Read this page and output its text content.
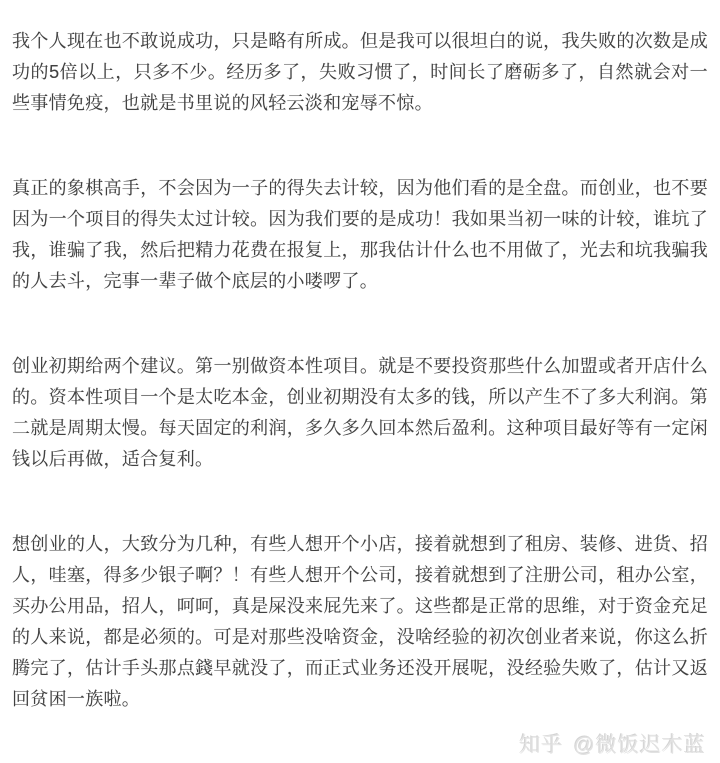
我个人现在也不敢说成功，只是略有所成。但是我可以很坦白的说，我失败的次数是成功的5倍以上，只多不少。经历多了，失败习惯了，时间长了磨砺多了，自然就会对一些事情免疫，也就是书里说的风轻云淡和宠辱不惊。

真正的象棋高手，不会因为一子的得失去计较，因为他们看的是全盘。而创业，也不要因为一个项目的得失太过计较。因为我们要的是成功！我如果当初一味的计较，谁坑了我，谁骗了我，然后把精力花费在报复上，那我估计什么也不用做了，光去和坑我骗我的人去斗，完事一辈子做个底层的小喽啰了。

创业初期给两个建议。第一别做资本性项目。就是不要投资那些什么加盟或者开店什么的。资本性项目一个是太吃本金，创业初期没有太多的钱，所以产生不了多大利润。第二就是周期太慢。每天固定的利润，多久多久回本然后盈利。这种项目最好等有一定闲钱以后再做，适合复利。

想创业的人，大致分为几种，有些人想开个小店，接着就想到了租房、装修、进货、招人，哇塞，得多少银子啊？！有些人想开个公司，接着就想到了注册公司，租办公室，买办公用品，招人，呵呵，真是屎没来屁先来了。这些都是正常的思维，对于资金充足的人来说，都是必须的。可是对那些没啥资金，没啥经验的初次创业者来说，你这么折腾完了，估计手头那点錢早就没了，而正式业务还没开展呢，没经验失败了，估计又返回贫困一族啦。

知乎 @微饭迟木蓝
